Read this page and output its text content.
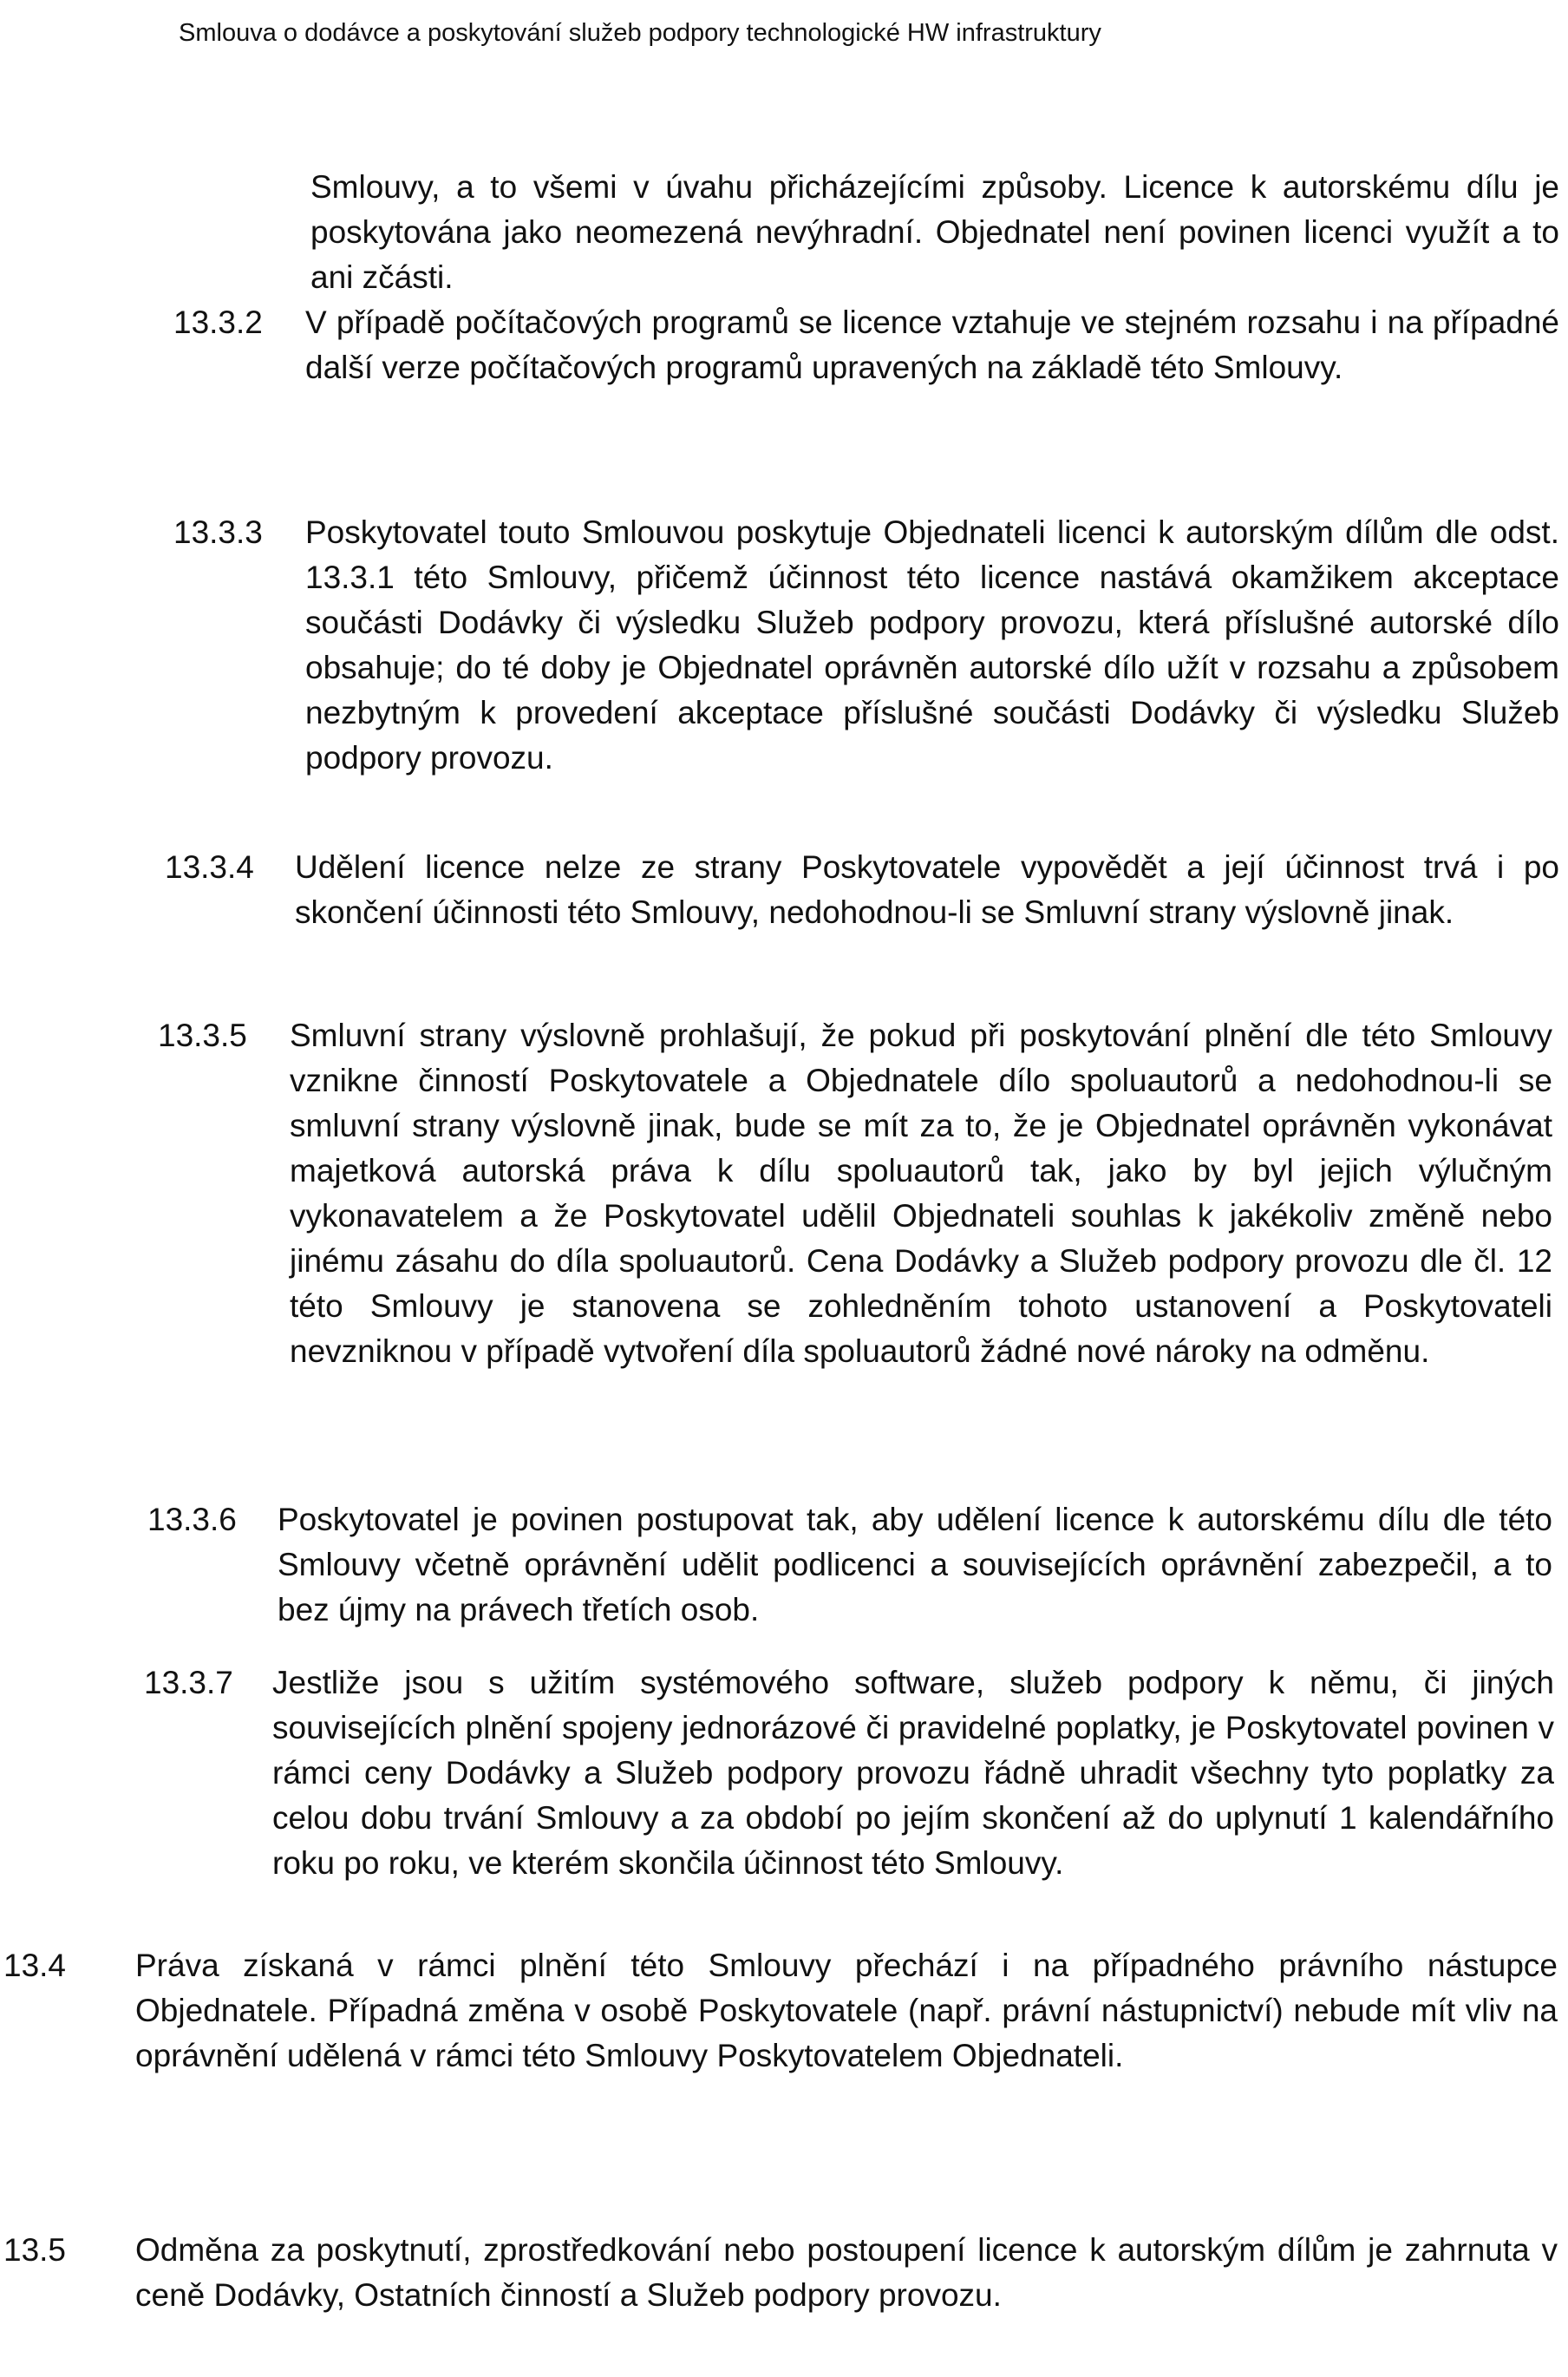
Smlouva o dodávce a poskytování služeb podpory technologické HW infrastruktury

Smlouvy, a to všemi v úvahu přicházejícími způsoby. Licence k autorskému dílu je poskytována jako neomezená nevýhradní. Objednatel není povinen licenci využít a to ani zčásti.

13.3.2 V případě počítačových programů se licence vztahuje ve stejném rozsahu i na případné další verze počítačových programů upravených na základě této Smlouvy.

13.3.3 Poskytovatel touto Smlouvou poskytuje Objednateli licenci k autorským dílům dle odst. 13.3.1 této Smlouvy, přičemž účinnost této licence nastává okamžikem akceptace součásti Dodávky či výsledku Služeb podpory provozu, která příslušné autorské dílo obsahuje; do té doby je Objednatel oprávněn autorské dílo užít v rozsahu a způsobem nezbytným k provedení akceptace příslušné součásti Dodávky či výsledku Služeb podpory provozu.

13.3.4 Udělení licence nelze ze strany Poskytovatele vypovědět a její účinnost trvá i po skončení účinnosti této Smlouvy, nedohodnou-li se Smluvní strany výslovně jinak.

13.3.5 Smluvní strany výslovně prohlašují, že pokud při poskytování plnění dle této Smlouvy vznikne činností Poskytovatele a Objednatele dílo spoluautorů a nedohodnou-li se smluvní strany výslovně jinak, bude se mít za to, že je Objednatel oprávněn vykonávat majetková autorská práva k dílu spoluautorů tak, jako by byl jejich výlučným vykonavatelem a že Poskytovatel udělil Objednateli souhlas k jakékoliv změně nebo jinému zásahu do díla spoluautorů. Cena Dodávky a Služeb podpory provozu dle čl. 12 této Smlouvy je stanovena se zohledněním tohoto ustanovení a Poskytovateli nevzniknou v případě vytvoření díla spoluautorů žádné nové nároky na odměnu.

13.3.6 Poskytovatel je povinen postupovat tak, aby udělení licence k autorskému dílu dle této Smlouvy včetně oprávnění udělit podlicenci a souvisejících oprávnění zabezpečil, a to bez újmy na právech třetích osob.

13.3.7 Jestliže jsou s užitím systémového software, služeb podpory k němu, či jiných souvisejících plnění spojeny jednorázové či pravidelné poplatky, je Poskytovatel povinen v rámci ceny Dodávky a Služeb podpory provozu řádně uhradit všechny tyto poplatky za celou dobu trvání Smlouvy a za období po jejím skončení až do uplynutí 1 kalendářního roku po roku, ve kterém skončila účinnost této Smlouvy.

13.4 Práva získaná v rámci plnění této Smlouvy přechází i na případného právního nástupce Objednatele. Případná změna v osobě Poskytovatele (např. právní nástupnictví) nebude mít vliv na oprávnění udělená v rámci této Smlouvy Poskytovatelem Objednateli.

13.5 Odměna za poskytnutí, zprostředkování nebo postoupení licence k autorským dílům je zahrnuta v ceně Dodávky, Ostatních činností a Služeb podpory provozu.
